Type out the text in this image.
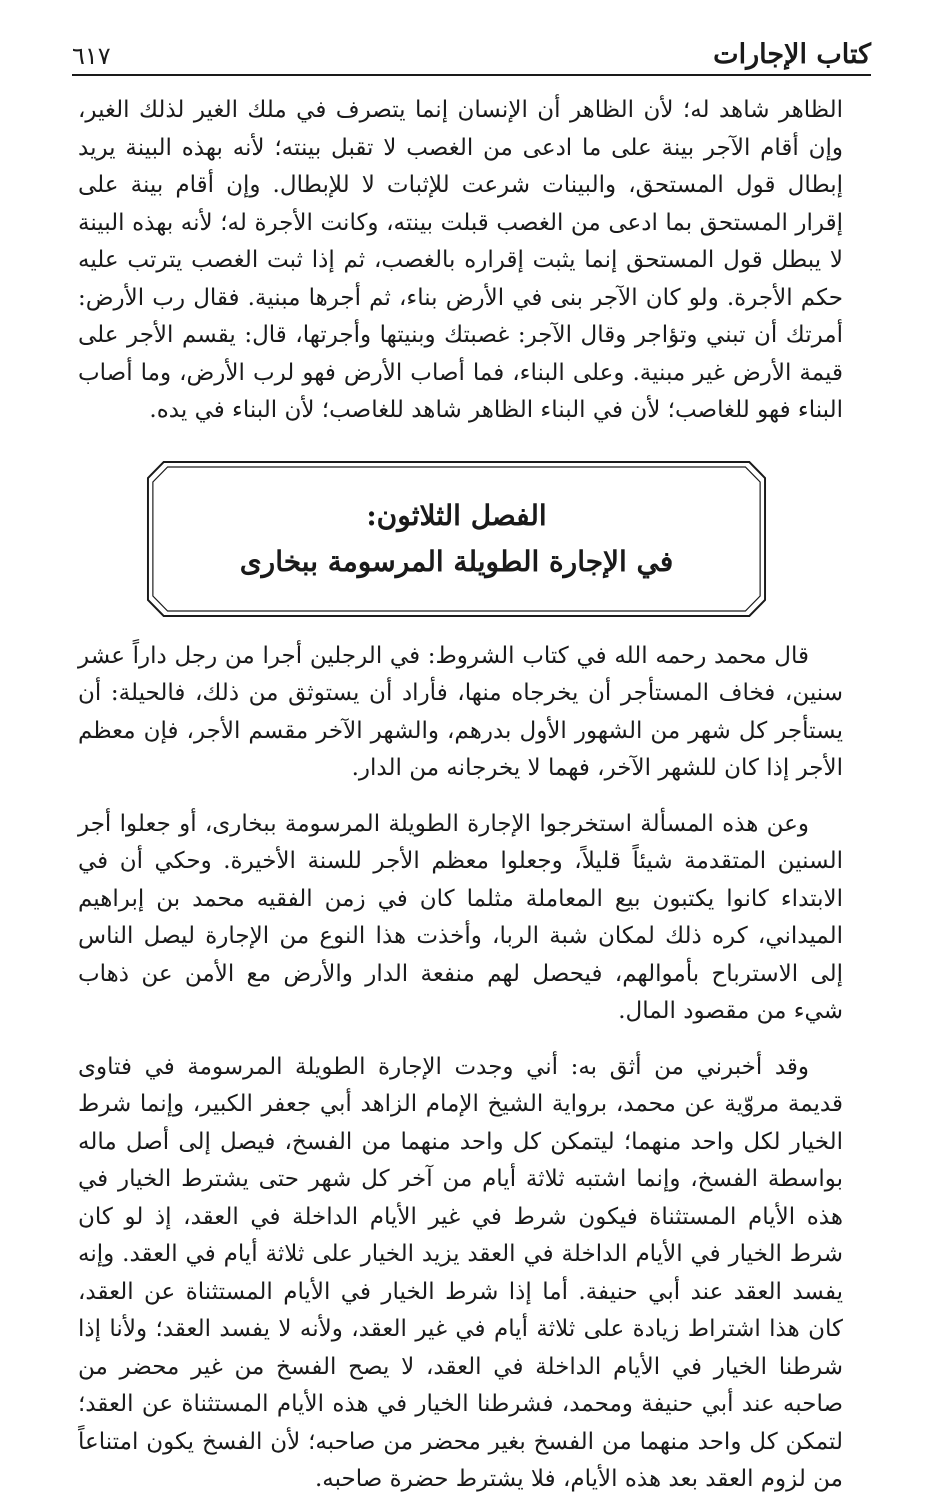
كتاب الإجارات
٦١٧

الظاهر شاهد له؛ لأن الظاهر أن الإنسان إنما يتصرف في ملك الغير لذلك الغير، وإن أقام الآجر بينة على ما ادعى من الغصب لا تقبل بينته؛ لأنه بهذه البينة يريد إبطال قول المستحق، والبينات شرعت للإثبات لا للإبطال. وإن أقام بينة على إقرار المستحق بما ادعى من الغصب قبلت بينته، وكانت الأجرة له؛ لأنه بهذه البينة لا يبطل قول المستحق إنما يثبت إقراره بالغصب، ثم إذا ثبت الغصب يترتب عليه حكم الأجرة. ولو كان الآجر بنى في الأرض بناء، ثم أجرها مبنية. فقال رب الأرض: أمرتك أن تبني وتؤاجر وقال الآجر: غصبتك وبنيتها وأجرتها، قال: يقسم الأجر على قيمة الأرض غير مبنية. وعلى البناء، فما أصاب الأرض فهو لرب الأرض، وما أصاب البناء فهو للغاصب؛ لأن في البناء الظاهر شاهد للغاصب؛ لأن البناء في يده.

الفصل الثلاثون:
في الإجارة الطويلة المرسومة ببخارى

قال محمد رحمه الله في كتاب الشروط: في الرجلين أجرا من رجل داراً عشر سنين، فخاف المستأجر أن يخرجاه منها، فأراد أن يستوثق من ذلك، فالحيلة: أن يستأجر كل شهر من الشهور الأول بدرهم، والشهر الآخر مقسم الأجر، فإن معظم الأجر إذا كان للشهر الآخر، فهما لا يخرجانه من الدار.

وعن هذه المسألة استخرجوا الإجارة الطويلة المرسومة ببخارى، أو جعلوا أجر السنين المتقدمة شيئاً قليلاً، وجعلوا معظم الأجر للسنة الأخيرة. وحكي أن في الابتداء كانوا يكتبون بيع المعاملة مثلما كان في زمن الفقيه محمد بن إبراهيم الميداني، كره ذلك لمكان شبة الربا، وأخذت هذا النوع من الإجارة ليصل الناس إلى الاسترباح بأموالهم، فيحصل لهم منفعة الدار والأرض مع الأمن عن ذهاب شيء من مقصود المال.

وقد أخبرني من أثق به: أني وجدت الإجارة الطويلة المرسومة في فتاوى قديمة مروّية عن محمد، برواية الشيخ الإمام الزاهد أبي جعفر الكبير، وإنما شرط الخيار لكل واحد منهما؛ ليتمكن كل واحد منهما من الفسخ، فيصل إلى أصل ماله بواسطة الفسخ، وإنما اشتبه ثلاثة أيام من آخر كل شهر حتى يشترط الخيار في هذه الأيام المستثناة فيكون شرط في غير الأيام الداخلة في العقد، إذ لو كان شرط الخيار في الأيام الداخلة في العقد يزيد الخيار على ثلاثة أيام في العقد. وإنه يفسد العقد عند أبي حنيفة. أما إذا شرط الخيار في الأيام المستثناة عن العقد، كان هذا اشتراط زيادة على ثلاثة أيام في غير العقد، ولأنه لا يفسد العقد؛ ولأنا إذا شرطنا الخيار في الأيام الداخلة في العقد، لا يصح الفسخ من غير محضر من صاحبه عند أبي حنيفة ومحمد، فشرطنا الخيار في هذه الأيام المستثناة عن العقد؛ لتمكن كل واحد منهما من الفسخ بغير محضر من صاحبه؛ لأن الفسخ يكون امتناعاً من لزوم العقد بعد هذه الأيام، فلا يشترط حضرة صاحبه.
